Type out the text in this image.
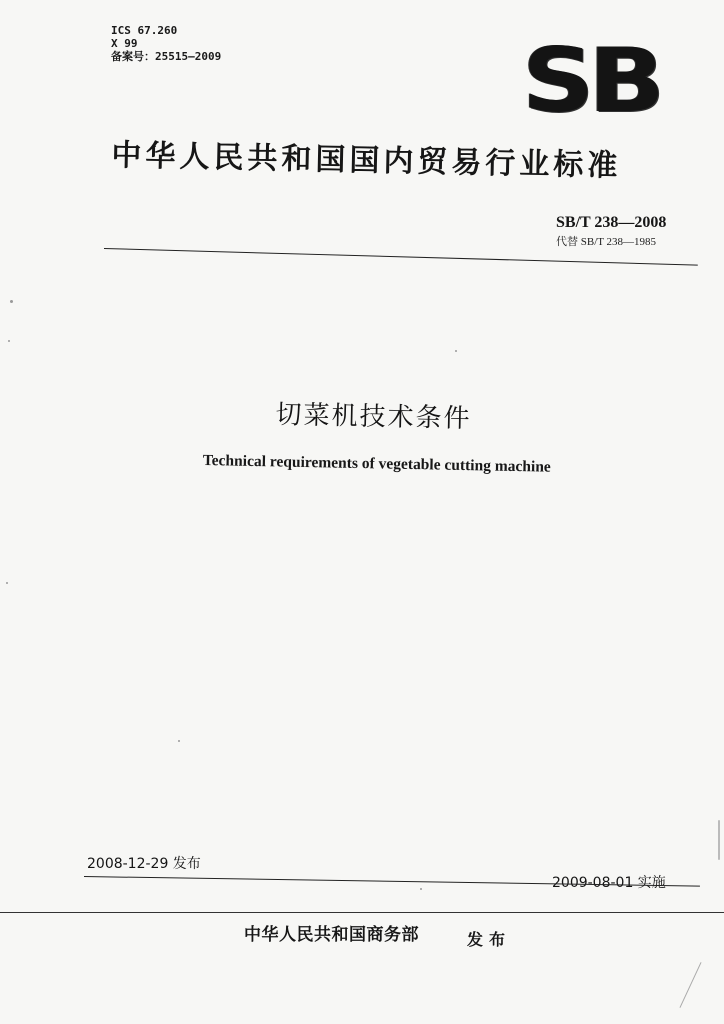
ICS 67.260
X 99
备案号：25515—2009	SB
中华人民共和国国内贸易行业标准
SB/T 238—2008
代替 SB/T 238—1985
切菜机技术条件
Technical requirements of vegetable cutting machine
2008-12-29 发布
2009-08-01 实施
中华人民共和国商务部	发布
